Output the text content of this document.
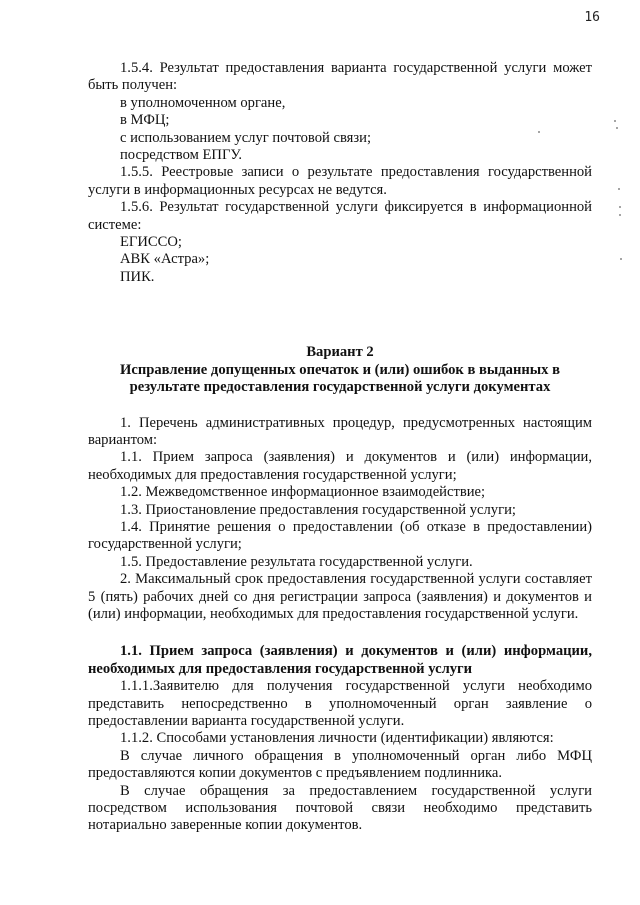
16

1.5.4. Результат предоставления варианта государственной услуги может быть получен:

в уполномоченном органе,

в МФЦ;

с использованием услуг почтовой связи;

посредством ЕПГУ.

1.5.5. Реестровые записи о результате предоставления государственной услуги в информационных ресурсах не ведутся.

1.5.6. Результат государственной услуги фиксируется в информационной системе:

ЕГИССО;

АВК «Астра»;

ПИК.

Вариант 2

Исправление допущенных опечаток и (или) ошибок в выданных в результате предоставления государственной услуги документах

1. Перечень административных процедур, предусмотренных настоящим вариантом:

1.1. Прием запроса (заявления) и документов и (или) информации, необходимых для предоставления государственной услуги;

1.2. Межведомственное информационное взаимодействие;

1.3. Приостановление предоставления государственной услуги;

1.4. Принятие решения о предоставлении (об отказе в предоставлении) государственной услуги;

1.5. Предоставление результата государственной услуги.

2. Максимальный срок предоставления государственной услуги составляет 5 (пять) рабочих дней со дня регистрации запроса (заявления) и документов и (или) информации, необходимых для предоставления государственной услуги.

1.1. Прием запроса (заявления) и документов и (или) информации, необходимых для предоставления государственной услуги

1.1.1.Заявителю для получения государственной услуги необходимо представить непосредственно в уполномоченный орган заявление о предоставлении варианта государственной услуги.

1.1.2. Способами установления личности (идентификации) являются:

В случае личного обращения в уполномоченный орган либо МФЦ предоставляются копии документов с предъявлением подлинника.

В случае обращения за предоставлением государственной услуги посредством использования почтовой связи необходимо представить нотариально заверенные копии документов.
